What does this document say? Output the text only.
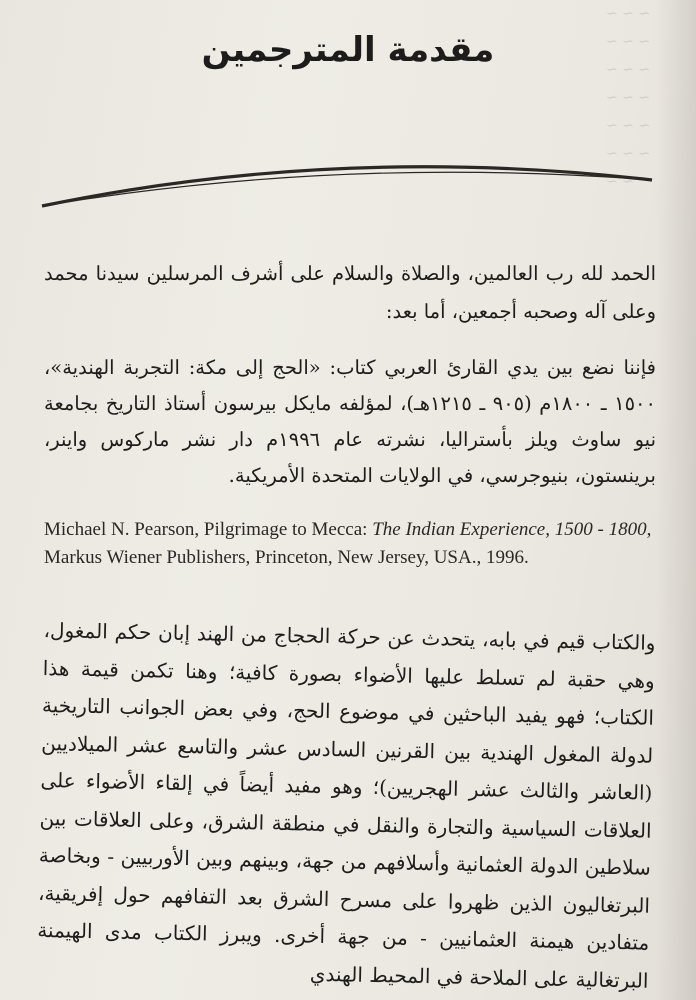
~ ~ ~ ~ ~ ~ ~ ~ ~ ~ ~ ~ ~ ~ ~ ~ ~ ~ ~ ~
مقدمة المترجمين

الحمد لله رب العالمين، والصلاة والسلام على أشرف المرسلين سيدنا محمد وعلى آله وصحبه أجمعين، أما بعد:

فإننا نضع بين يدي القارئ العربي كتاب: «الحج إلى مكة: التجربة الهندية»، ١٥٠٠ ـ ١٨٠٠م (٩٠٥ ـ ١٢١٥هـ)، لمؤلفه مايكل بيرسون أستاذ التاريخ بجامعة نيو ساوث ويلز بأستراليا، نشرته عام ١٩٩٦م دار نشر ماركوس واينر، برينستون، بنيوجرسي، في الولايات المتحدة الأمريكية.

Michael N. Pearson, Pilgrimage to Mecca: The Indian Experience, 1500 - 1800, Markus Wiener Publishers, Princeton, New Jersey, USA., 1996.

والكتاب قيم في بابه، يتحدث عن حركة الحجاج من الهند إبان حكم المغول، وهي حقبة لم تسلط عليها الأضواء بصورة كافية؛ وهنا تكمن قيمة هذا الكتاب؛ فهو يفيد الباحثين في موضوع الحج، وفي بعض الجوانب التاريخية لدولة المغول الهندية بين القرنين السادس عشر والتاسع عشر الميلاديين (العاشر والثالث عشر الهجريين)؛ وهو مفيد أيضاً في إلقاء الأضواء على العلاقات السياسية والتجارة والنقل في منطقة الشرق، وعلى العلاقات بين سلاطين الدولة العثمانية وأسلافهم من جهة، وبينهم وبين الأوربيين - وبخاصة البرتغاليون الذين ظهروا على مسرح الشرق بعد التفافهم حول إفريقية، متفادين هيمنة العثمانيين - من جهة أخرى. ويبرز الكتاب مدى الهيمنة البرتغالية على الملاحة في المحيط الهندي
